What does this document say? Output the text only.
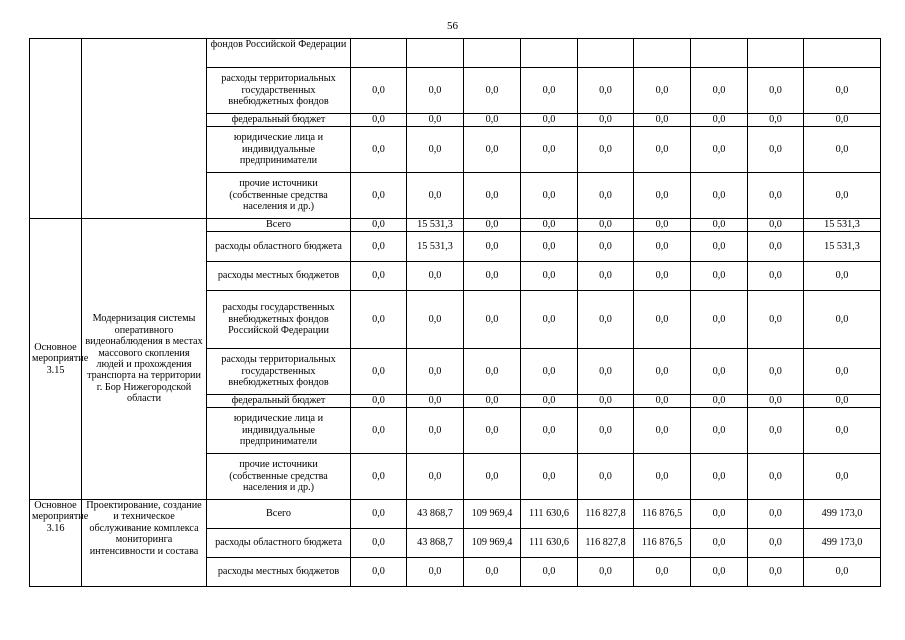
56
		фондов Российской Федерации									
		расходы территориальных государственных внебюджетных фондов	0,0	0,0	0,0	0,0	0,0	0,0	0,0	0,0	0,0
		федеральный бюджет	0,0	0,0	0,0	0,0	0,0	0,0	0,0	0,0	0,0
		юридические лица и индивидуальные предприниматели	0,0	0,0	0,0	0,0	0,0	0,0	0,0	0,0	0,0
		прочие источники (собственные средства населения и др.)	0,0	0,0	0,0	0,0	0,0	0,0	0,0	0,0	0,0
Основное мероприятие 3.15	Модернизация системы оперативного видеонаблюдения в местах массового скопления людей и прохождения транспорта на территории г. Бор Нижегородской области	Всего	0,0	15 531,3	0,0	0,0	0,0	0,0	0,0	0,0	15 531,3
		расходы областного бюджета	0,0	15 531,3	0,0	0,0	0,0	0,0	0,0	0,0	15 531,3
		расходы местных бюджетов	0,0	0,0	0,0	0,0	0,0	0,0	0,0	0,0	0,0
		расходы государственных внебюджетных фондов Российской Федерации	0,0	0,0	0,0	0,0	0,0	0,0	0,0	0,0	0,0
		расходы территориальных государственных внебюджетных фондов	0,0	0,0	0,0	0,0	0,0	0,0	0,0	0,0	0,0
		федеральный бюджет	0,0	0,0	0,0	0,0	0,0	0,0	0,0	0,0	0,0
		юридические лица и индивидуальные предприниматели	0,0	0,0	0,0	0,0	0,0	0,0	0,0	0,0	0,0
		прочие источники (собственные средства населения и др.)	0,0	0,0	0,0	0,0	0,0	0,0	0,0	0,0	0,0
Основное мероприятие 3.16	Проектирование, создание и техническое обслуживание комплекса мониторинга интенсивности и состава	Всего	0,0	43 868,7	109 969,4	111 630,6	116 827,8	116 876,5	0,0	0,0	499 173,0
		расходы областного бюджета	0,0	43 868,7	109 969,4	111 630,6	116 827,8	116 876,5	0,0	0,0	499 173,0
		расходы местных бюджетов	0,0	0,0	0,0	0,0	0,0	0,0	0,0	0,0	0,0
